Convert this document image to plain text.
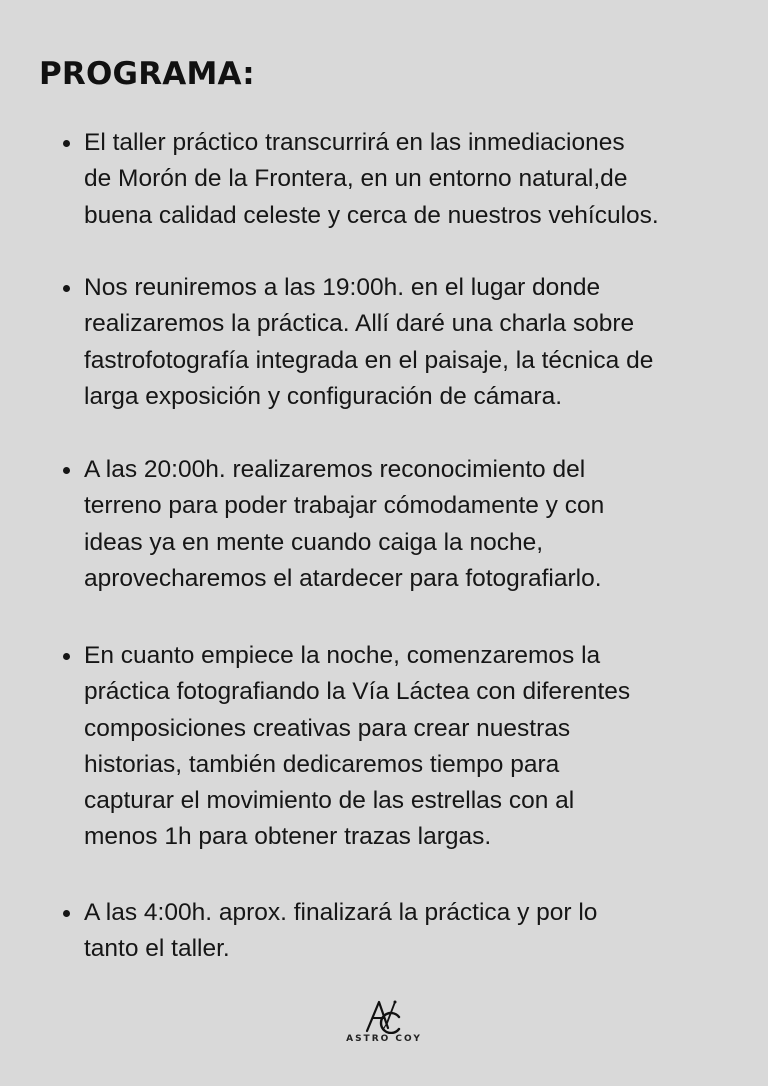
PROGRAMA:
El taller práctico transcurrirá en las inmediaciones
de Morón de la Frontera, en un entorno natural,de
buena calidad celeste y cerca de nuestros vehículos.
Nos reuniremos a las 19:00h. en el lugar donde
realizaremos la práctica. Allí daré una charla sobre
fastrofotografía integrada en el paisaje, la técnica de
larga exposición y configuración de cámara.
A las 20:00h. realizaremos reconocimiento del
terreno para poder trabajar cómodamente y con
ideas ya en mente cuando caiga la noche,
aprovecharemos el atardecer para fotografiarlo.
En cuanto empiece la noche, comenzaremos la
práctica fotografiando la Vía Láctea con diferentes
composiciones creativas para crear nuestras
historias, también dedicaremos tiempo para
capturar el movimiento de las estrellas con al
menos 1h para obtener trazas largas.
A las 4:00h. aprox. finalizará la práctica y por lo
tanto el taller.
ASTRO COY
